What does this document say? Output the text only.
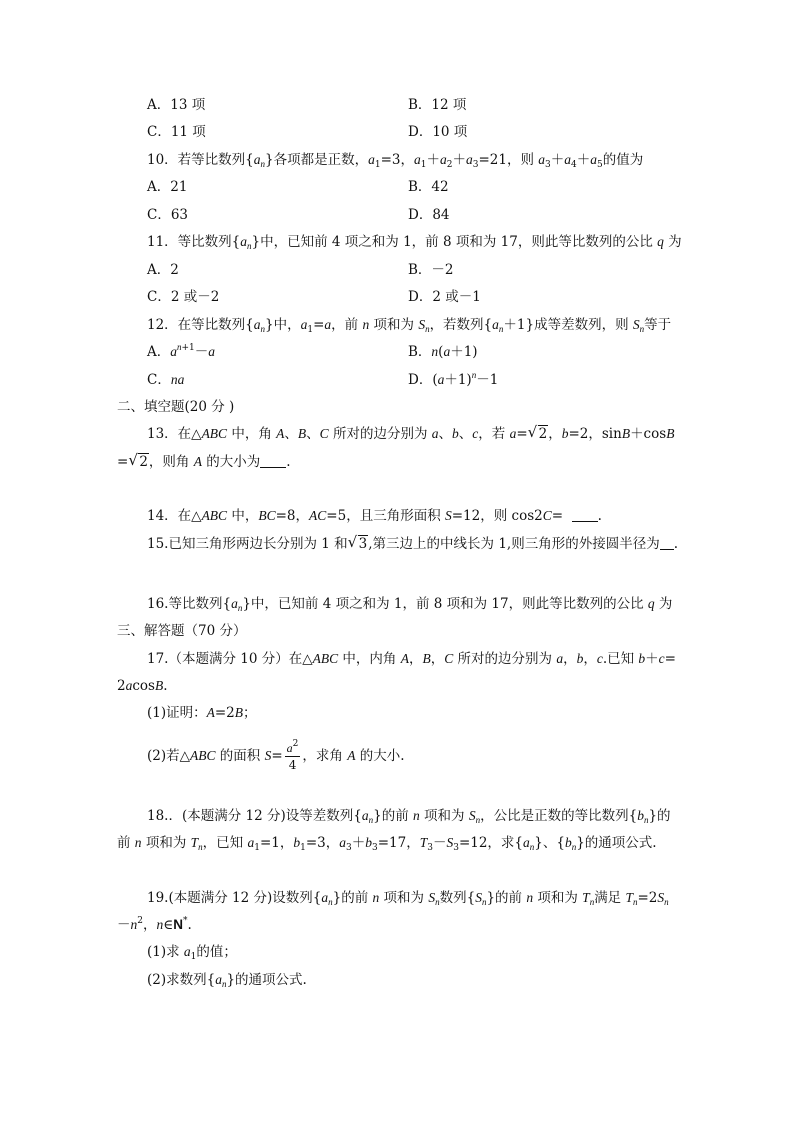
A．13 项	B．12 项
C．11 项	D．10 项
10．若等比数列$\{a_n\}$各项都是正数，$a_1=3$，$a_1+a_2+a_3=21$，则 $a_3+a_4+a_5$的值为
A．21	B．42
C．63	D．84
11．等比数列$\{a_n\}$中，已知前 4 项之和为 1，前 8 项和为 17，则此等比数列的公比 q 为
A．2	B．－2
C．2 或－2	D．2 或－1
12．在等比数列$\{a_n\}$中，$a_1=a$，前 n 项和为 $S_n$，若数列$\{a_n+1\}$成等差数列，则 $S_n$等于
A．$a^{n+1}-a$	B．n(a＋1)
C．na	D．$(a+1)^n-1$
二、填空题(20 分 )
13．在△ABC 中，角 A、B、C 所对的边分别为 a、b、c，若 a= √ 2，b=2，sinB＋cosB
= √ 2，则角 A 的大小为 .
14．在△ABC 中，BC=8，AC=5，且三角形面积 S=12，则 cos2C=  .
15.已知三角形两边长分别为 1 和 √ 3,第三边上的中线长为 1,则三角形的外接圆半径为 .
16.等比数列$\{a_n\}$中，已知前 4 项之和为 1，前 8 项和为 17，则此等比数列的公比 q 为
三、解答题（70 分）
17.（本题满分 10 分）在△ABC 中，内角 A，B，C 所对的边分别为 a，b，c.已知 b＋c=
2acosB.
(1)证明：A=2B；
(2)若△ABC 的面积 $S= \frac{a^2}{4}$ ，求角 A 的大小.
18.．(本题满分 12 分)设等差数列$\{a_n\}$的前 n 项和为 $S_n$，公比是正数的等比数列$\{b_n\}$的
前 n 项和为 $T_n$，已知 $a_1=1$，$b_1=3$，$a_3+b_3=17$，$T_3-S_3=12$，求$\{a_n\}$、$\{b_n\}$的通项公式.
19.(本题满分 12 分)设数列$\{a_n\}$的前 n 项和为 $S_n$数列$\{S_n\}$的前 n 项和为 $T_n$满足 $T_n=2S_n$
$-n^2$，n∈N*.
(1)求 $a_1$的值；
(2)求数列$\{a_n\}$的通项公式.
